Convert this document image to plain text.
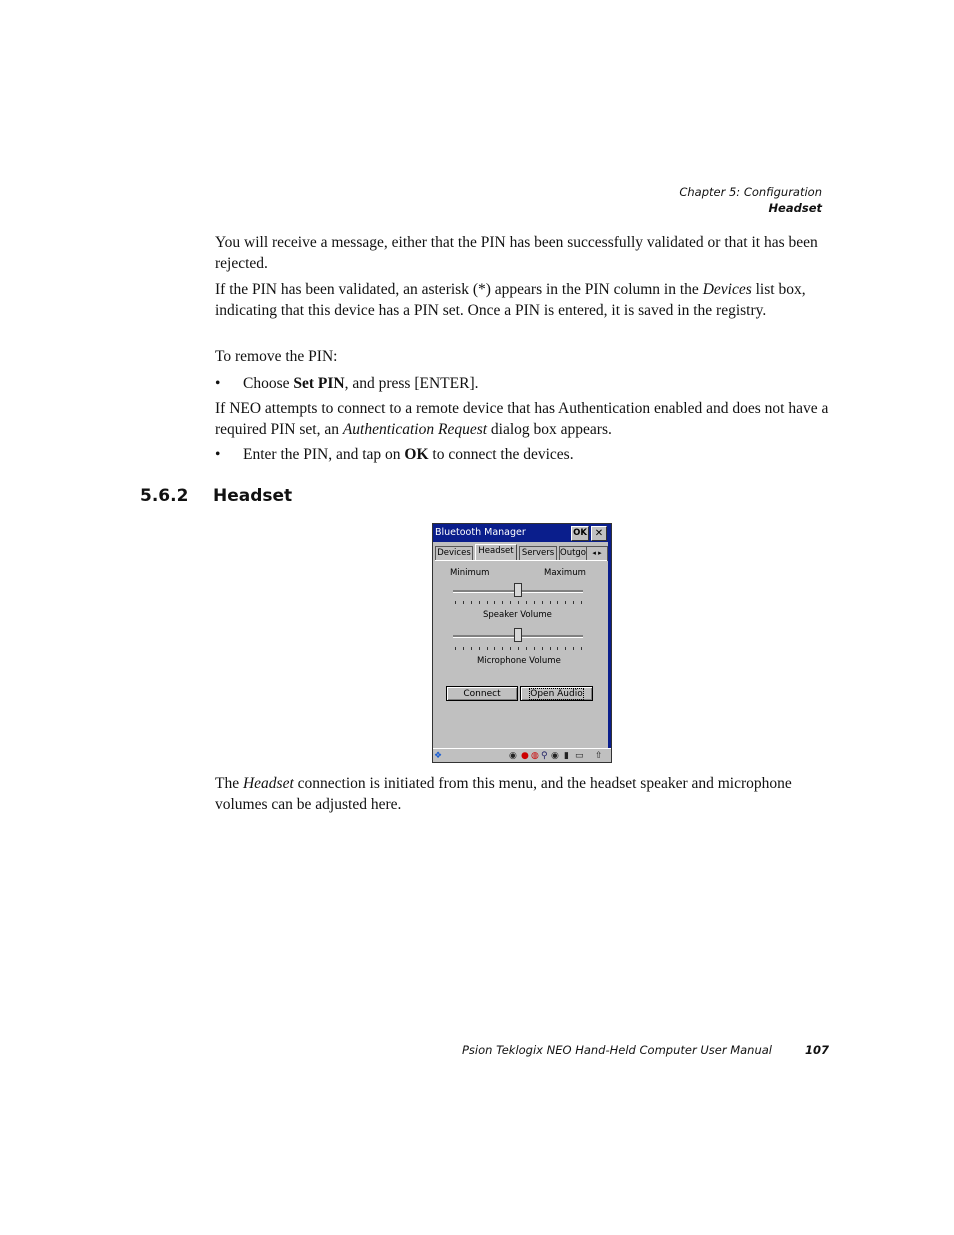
Chapter 5: Configuration
Headset

You will receive a message, either that the PIN has been successfully validated or that it has been rejected.

If the PIN has been validated, an asterisk (*) appears in the PIN column in the Devices list box, indicating that this device has a PIN set. Once a PIN is entered, it is saved in the registry.

To remove the PIN:

• Choose Set PIN, and press [ENTER].

If NEO attempts to connect to a remote device that has Authentication enabled and does not have a required PIN set, an Authentication Request dialog box appears.

• Enter the PIN, and tap on OK to connect the devices.
5.6.2 Headset
Bluetooth Manager	OK ✕
Devices Headset Servers Outgo ◂ ▸
Minimum	Maximum
Speaker Volume
Microphone Volume
Connect	Open Audio
❖	◉ ● ◍ ⚲ ◉ ▮ ▭ ⇧

The Headset connection is initiated from this menu, and the headset speaker and microphone volumes can be adjusted here.

Psion Teklogix NEO Hand-Held Computer User Manual	107
